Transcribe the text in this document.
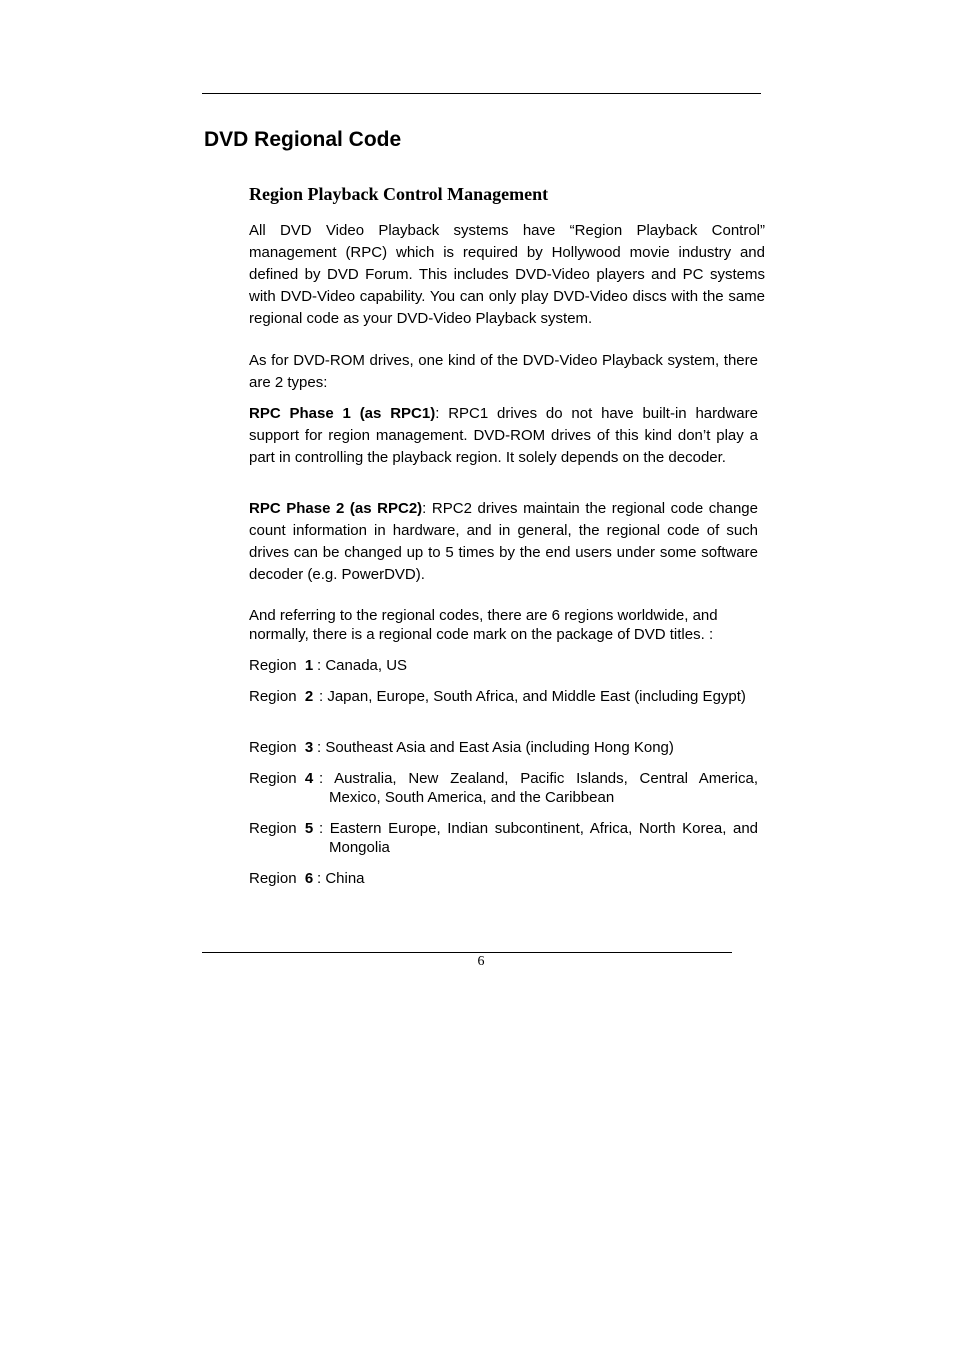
DVD Regional Code
Region Playback Control Management

All DVD Video Playback systems have “Region Playback Control” management (RPC) which is required by Hollywood movie industry and defined by DVD Forum. This includes DVD-Video players and PC systems with DVD-Video capability. You can only play DVD-Video discs with the same regional code as your DVD-Video Playback system.

As for DVD-ROM drives, one kind of the DVD-Video Playback system, there are 2 types:

RPC Phase 1 (as RPC1): RPC1 drives do not have built-in hardware support for region management. DVD-ROM drives of this kind don’t play a part in controlling the playback region. It solely depends on the decoder.

RPC Phase 2 (as RPC2): RPC2 drives maintain the regional code change count information in hardware, and in general, the regional code of such drives can be changed up to 5 times by the end users under some software decoder (e.g. PowerDVD).

And referring to the regional codes, there are 6 regions worldwide, and normally, there is a regional code mark on the package of DVD titles. :

Region 1 : Canada, US
Region 2 : Japan, Europe, South Africa, and Middle East (including Egypt)
Region 3 : Southeast Asia and East Asia (including Hong Kong)
Region 4 : Australia, New Zealand, Pacific Islands, Central America, Mexico, South America, and the Caribbean
Region 5 : Eastern Europe, Indian subcontinent, Africa, North Korea, and Mongolia
Region 6 : China
6
